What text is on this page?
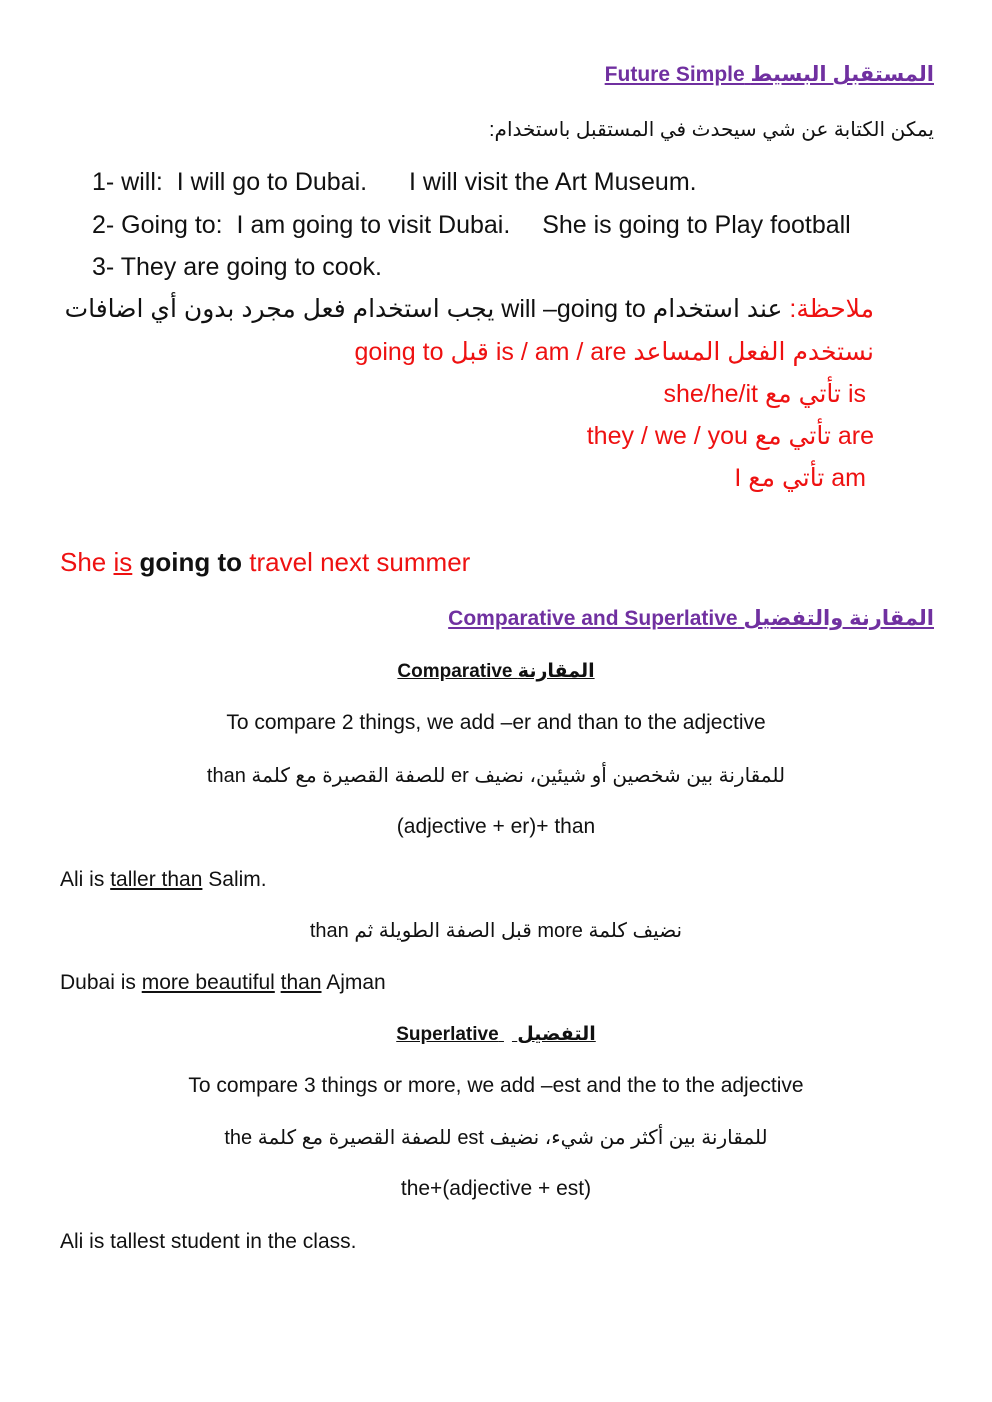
المستقبل البسيط Future Simple
يمكن الكتابة عن شي سيحدث في المستقبل باستخدام:
1- will: I will go to Dubai. I will visit the Art Museum.
2- Going to: I am going to visit Dubai. She is going to Play football
3- They are going to cook.
ملاحظة: عند استخدام will –going to يجب استخدام فعل مجرد بدون أي اضافات
نستخدم الفعل المساعد is / am / are قبل going to
is تأتي مع she/he/it
are تأتي مع they / we / you
am تأتي مع I
She is going to travel next summer
المقارنة والتفضيل Comparative and Superlative
المقارنة Comparative
To compare 2 things, we add –er and than to the adjective
للمقارنة بين شخصين أو شيئين، نضيف er للصفة القصيرة مع كلمة than
(adjective + er)+ than
Ali is taller than Salim.
نضيف كلمة more قبل الصفة الطويلة ثم than
Dubai is more beautiful than Ajman
التفضيل  Superlative
To compare 3 things or more, we add –est and the to the adjective
للمقارنة بين أكثر من شيء، نضيف est للصفة القصيرة مع كلمة the
the+(adjective + est)
Ali is tallest student in the class.
